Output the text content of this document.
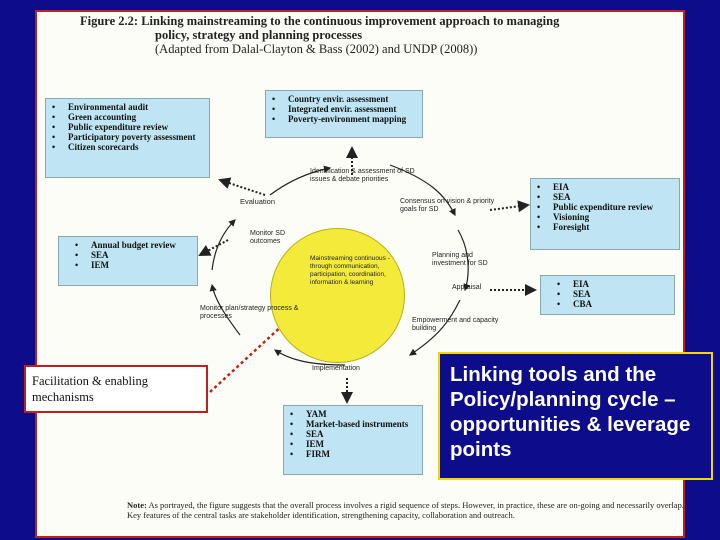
Figure 2.2: Linking mainstreaming to the continuous improvement approach to managing
policy, strategy and planning processes
(Adapted from Dalal-Clayton & Bass (2002) and UNDP (2008))
• Environmental audit
• Green accounting
• Public expenditure review
• Participatory poverty assessment
• Citizen scorecards
• Country envir. assessment
• Integrated envir. assessment
• Poverty-environment mapping
• EIA
• SEA
• Public expenditure review
• Visioning
• Foresight
• Annual budget review
• SEA
• IEM
• EIA
• SEA
• CBA
• YAM
• Market-based instruments
• SEA
• IEM
• FIRM
Mainstreaming continuous - through communication, participation, coordination, information & learning
Identification & assessment of SD issues & debate priorities
Consensus on vision & priority goals for SD
Planning and investment for SD
Appraisal
Empowerment and capacity building
Implementation
Monitor plan/strategy process & processes
Monitor SD outcomes
Evaluation
Facilitation & enabling mechanisms
Linking tools and the Policy/planning cycle – opportunities & leverage points
Note: As portrayed, the figure suggests that the overall process involves a rigid sequence of steps. However, in practice, these are on-going and necessarily overlap. Key features of the central tasks are stakeholder identification, strengthening capacity, collaboration and outreach.
